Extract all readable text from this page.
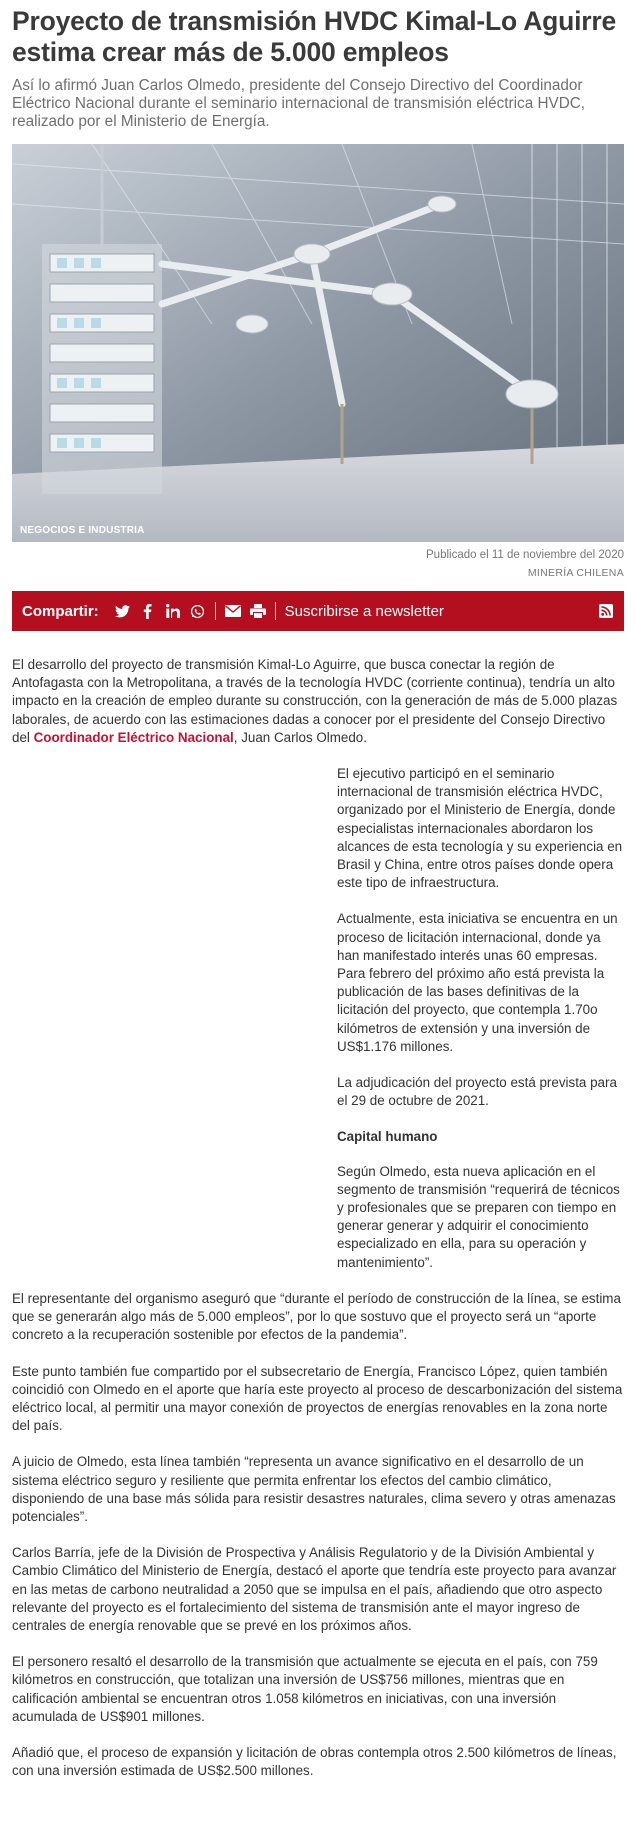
Proyecto de transmisión HVDC Kimal-Lo Aguirre estima crear más de 5.000 empleos

Así lo afirmó Juan Carlos Olmedo, presidente del Consejo Directivo del Coordinador Eléctrico Nacional durante el seminario internacional de transmisión eléctrica HVDC, realizado por el Ministerio de Energía.

NEGOCIOS E INDUSTRIA
Publicado el 11 de noviembre del 2020
MINERÍA CHILENA
Compartir:	Suscribirse a newsletter

El desarrollo del proyecto de transmisión Kimal-Lo Aguirre, que busca conectar la región de Antofagasta con la Metropolitana, a través de la tecnología HVDC (corriente continua), tendría un alto impacto en la creación de empleo durante su construcción, con la generación de más de 5.000 plazas laborales, de acuerdo con las estimaciones dadas a conocer por el presidente del Consejo Directivo del Coordinador Eléctrico Nacional, Juan Carlos Olmedo.

El ejecutivo participó en el seminario internacional de transmisión eléctrica HVDC, organizado por el Ministerio de Energía, donde especialistas internacionales abordaron los alcances de esta tecnología y su experiencia en Brasil y China, entre otros países donde opera este tipo de infraestructura.

Actualmente, esta iniciativa se encuentra en un proceso de licitación internacional, donde ya han manifestado interés unas 60 empresas. Para febrero del próximo año está prevista la publicación de las bases definitivas de la licitación del proyecto, que contempla 1.70o kilómetros de extensión y una inversión de US$1.176 millones.

La adjudicación del proyecto está prevista para el 29 de octubre de 2021.

Capital humano

Según Olmedo, esta nueva aplicación en el segmento de transmisión “requerirá de técnicos y profesionales que se preparen con tiempo en generar generar y adquirir el conocimiento especializado en ella, para su operación y mantenimiento”.

El representante del organismo aseguró que “durante el período de construcción de la línea, se estima que se generarán algo más de 5.000 empleos”, por lo que sostuvo que el proyecto será un “aporte concreto a la recuperación sostenible por efectos de la pandemia”.

Este punto también fue compartido por el subsecretario de Energía, Francisco López, quien también coincidió con Olmedo en el aporte que haría este proyecto al proceso de descarbonización del sistema eléctrico local, al permitir una mayor conexión de proyectos de energías renovables en la zona norte del país.

A juicio de Olmedo, esta línea también “representa un avance significativo en el desarrollo de un sistema eléctrico seguro y resiliente que permita enfrentar los efectos del cambio climático, disponiendo de una base más sólida para resistir desastres naturales, clima severo y otras amenazas potenciales”.

Carlos Barría, jefe de la División de Prospectiva y Análisis Regulatorio y de la División Ambiental y Cambio Climático del Ministerio de Energía, destacó el aporte que tendría este proyecto para avanzar en las metas de carbono neutralidad a 2050 que se impulsa en el país, añadiendo que otro aspecto relevante del proyecto es el fortalecimiento del sistema de transmisión ante el mayor ingreso de centrales de energía renovable que se prevé en los próximos años.

El personero resaltó el desarrollo de la transmisión que actualmente se ejecuta en el país, con 759 kilómetros en construcción, que totalizan una inversión de US$756 millones, mientras que en calificación ambiental se encuentran otros 1.058 kilómetros en iniciativas, con una inversión acumulada de US$901 millones.

Añadió que, el proceso de expansión y licitación de obras contempla otros 2.500 kilómetros de líneas, con una inversión estimada de US$2.500 millones.
